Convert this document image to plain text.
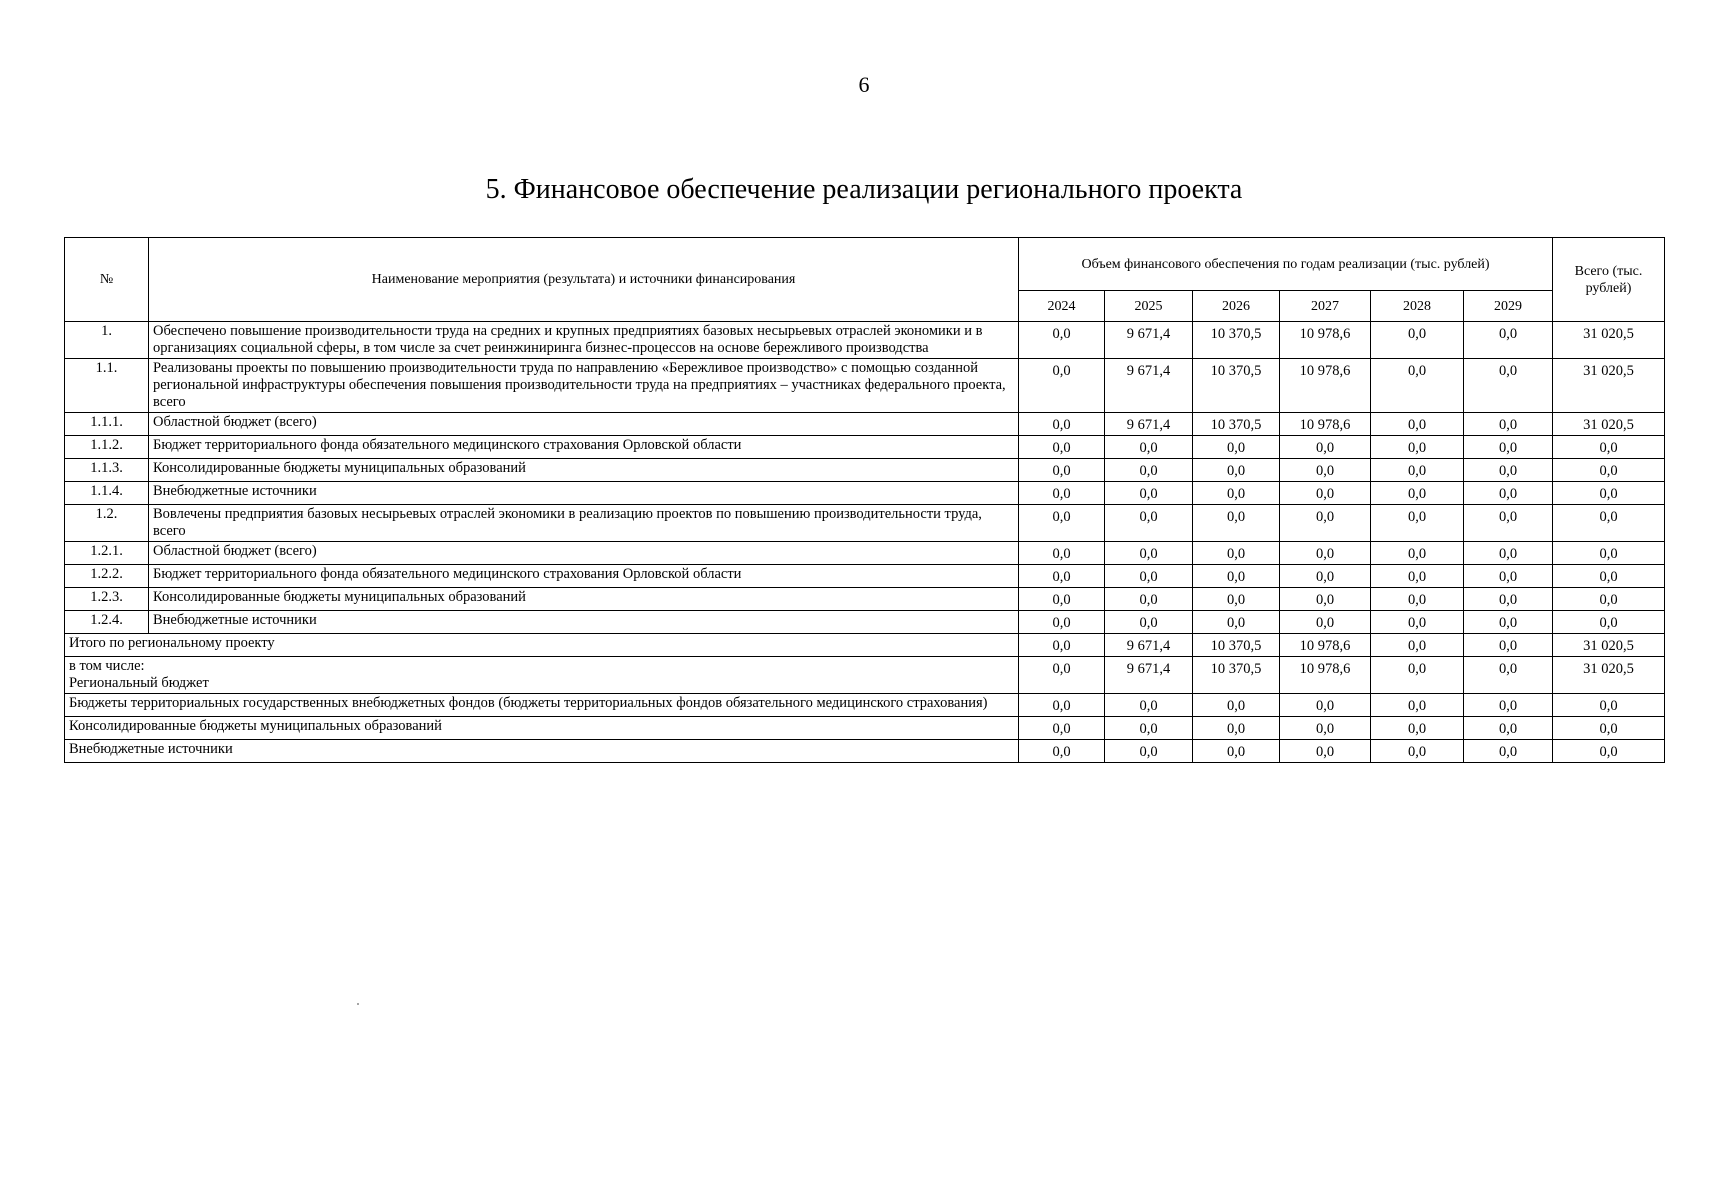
6
5. Финансовое обеспечение реализации регионального проекта
№	Наименование мероприятия (результата) и источники финансирования	Объем финансового обеспечения по годам реализации (тыс. рублей)						Всего (тыс. рублей)
		2024	2025	2026	2027	2028	2029	
1.	Обеспечено повышение производительности труда на средних и крупных предприятиях базовых несырьевых отраслей экономики и в организациях социальной сферы, в том числе за счет реинжиниринга бизнес-процессов на основе бережливого производства	0,0	9 671,4	10 370,5	10 978,6	0,0	0,0	31 020,5
1.1.	Реализованы проекты по повышению производительности труда по направлению «Бережливое производство» с помощью созданной региональной инфраструктуры обеспечения повышения производительности труда на предприятиях – участниках федерального проекта, всего	0,0	9 671,4	10 370,5	10 978,6	0,0	0,0	31 020,5
1.1.1.	Областной бюджет (всего)	0,0	9 671,4	10 370,5	10 978,6	0,0	0,0	31 020,5
1.1.2.	Бюджет территориального фонда обязательного медицинского страхования Орловской области	0,0	0,0	0,0	0,0	0,0	0,0	0,0
1.1.3.	Консолидированные бюджеты муниципальных образований	0,0	0,0	0,0	0,0	0,0	0,0	0,0
1.1.4.	Внебюджетные источники	0,0	0,0	0,0	0,0	0,0	0,0	0,0
1.2.	Вовлечены предприятия базовых несырьевых отраслей экономики в реализацию проектов по повышению производительности труда, всего	0,0	0,0	0,0	0,0	0,0	0,0	0,0
1.2.1.	Областной бюджет (всего)	0,0	0,0	0,0	0,0	0,0	0,0	0,0
1.2.2.	Бюджет территориального фонда обязательного медицинского страхования Орловской области	0,0	0,0	0,0	0,0	0,0	0,0	0,0
1.2.3.	Консолидированные бюджеты муниципальных образований	0,0	0,0	0,0	0,0	0,0	0,0	0,0
1.2.4.	Внебюджетные источники	0,0	0,0	0,0	0,0	0,0	0,0	0,0
Итого по региональному проекту		0,0	9 671,4	10 370,5	10 978,6	0,0	0,0	31 020,5
в том числе:
Региональный бюджет		0,0	9 671,4	10 370,5	10 978,6	0,0	0,0	31 020,5
Бюджеты территориальных государственных внебюджетных фондов (бюджеты территориальных фондов обязательного медицинского страхования)		0,0	0,0	0,0	0,0	0,0	0,0	0,0
Консолидированные бюджеты муниципальных образований		0,0	0,0	0,0	0,0	0,0	0,0	0,0
Внебюджетные источники		0,0	0,0	0,0	0,0	0,0	0,0	0,0
